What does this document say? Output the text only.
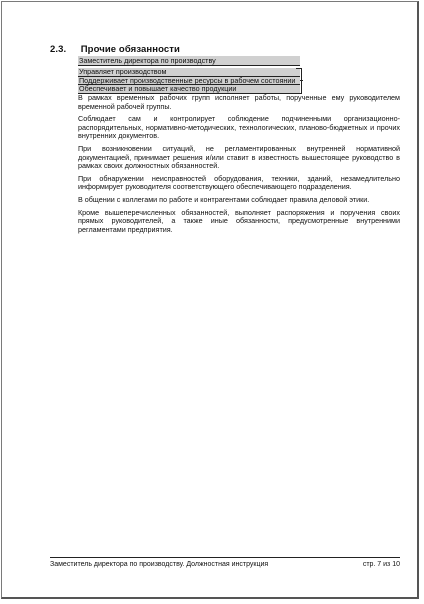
2.3. Прочие обязанности
Заместитель директора по производству
Управляет производством
Поддерживает производственные ресурсы в рабочем состоянии
Обеспечивает и повышает качество продукции

В рамках временных рабочих групп исполняет работы, порученные ему руководителем временной рабочей группы.

Соблюдает сам и контролирует соблюдение подчиненными организационно-распорядительных, нормативно-методических, технологических, планово-бюджетных и прочих внутренних документов.

При возникновении ситуаций, не регламентированных внутренней нормативной документацией, принимает решения и/или ставит в известность вышестоящее руководство в рамках своих должностных обязанностей.

При обнаружении неисправностей оборудования, техники, зданий, незамедлительно информирует руководителя соответствующего обеспечивающего подразделения.

В общении с коллегами по работе и контрагентами соблюдает правила деловой этики.

Кроме вышеперечисленных обязанностей, выполняет распоряжения и поручения своих прямых руководителей, а также иные обязанности, предусмотренные внутренними регламентами предприятия.

Заместитель директора по производству. Должностная инструкция	стр. 7 из 10
